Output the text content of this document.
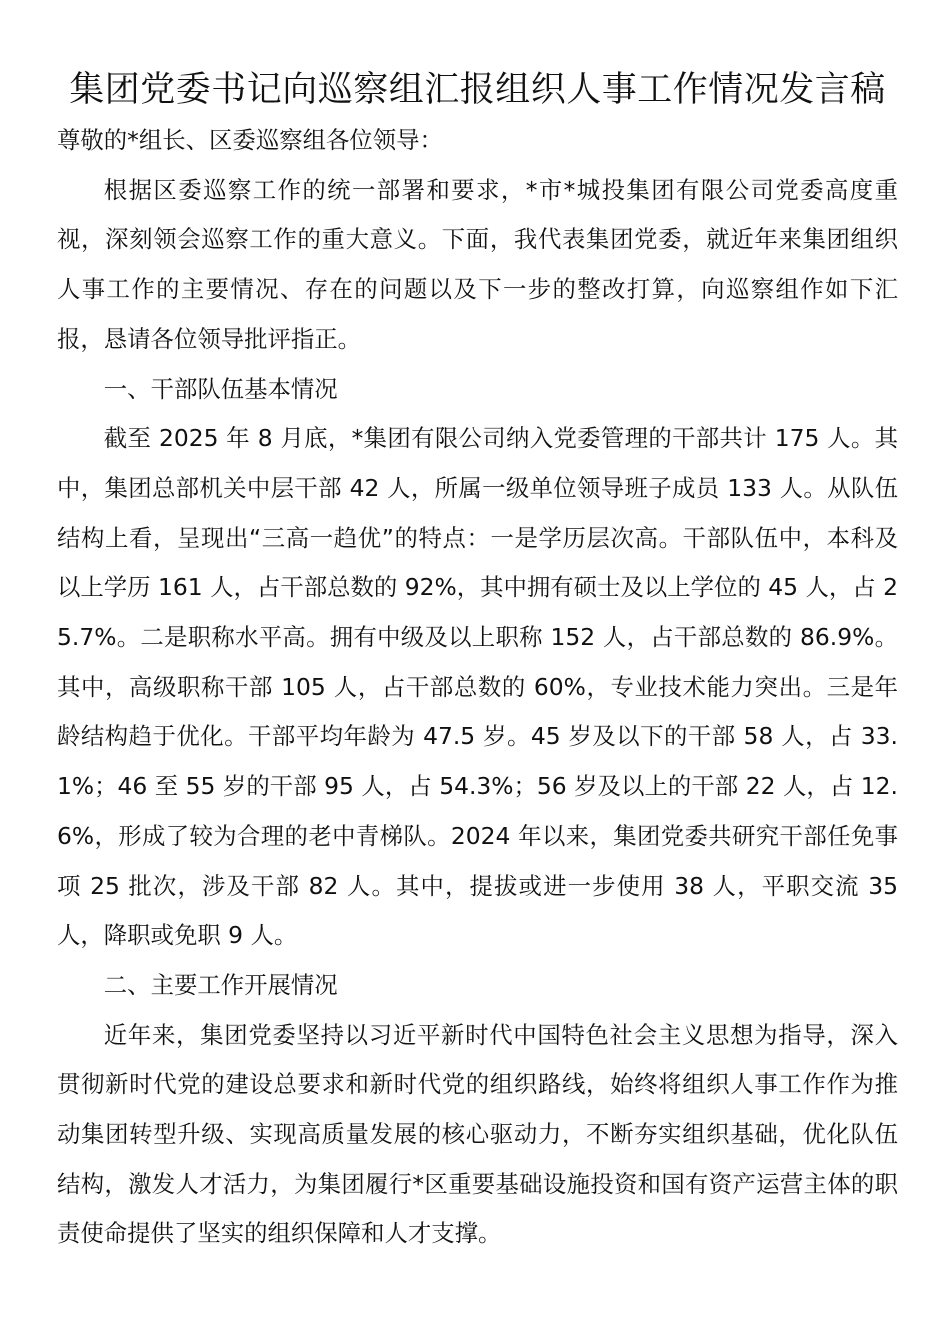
集团党委书记向巡察组汇报组织人事工作情况发言稿

尊敬的*组长、区委巡察组各位领导：

根据区委巡察工作的统一部署和要求，*市*城投集团有限公司党委高度重视，深刻领会巡察工作的重大意义。下面，我代表集团党委，就近年来集团组织人事工作的主要情况、存在的问题以及下一步的整改打算，向巡察组作如下汇报，恳请各位领导批评指正。

一、干部队伍基本情况

截至 2025 年 8 月底，*集团有限公司纳入党委管理的干部共计 175 人。其中，集团总部机关中层干部 42 人，所属一级单位领导班子成员 133 人。从队伍结构上看，呈现出“三高一趋优”的特点：一是学历层次高。干部队伍中，本科及以上学历 161 人，占干部总数的 92%，其中拥有硕士及以上学位的 45 人，占 25.7%。二是职称水平高。拥有中级及以上职称 152 人，占干部总数的 86.9%。其中，高级职称干部 105 人，占干部总数的 60%，专业技术能力突出。三是年龄结构趋于优化。干部平均年龄为 47.5 岁。45 岁及以下的干部 58 人，占 33.1%；46 至 55 岁的干部 95 人，占 54.3%；56 岁及以上的干部 22 人，占 12.6%，形成了较为合理的老中青梯队。2024 年以来，集团党委共研究干部任免事项 25 批次，涉及干部 82 人。其中，提拔或进一步使用 38 人，平职交流 35 人，降职或免职 9 人。

二、主要工作开展情况

近年来，集团党委坚持以习近平新时代中国特色社会主义思想为指导，深入贯彻新时代党的建设总要求和新时代党的组织路线，始终将组织人事工作作为推动集团转型升级、实现高质量发展的核心驱动力，不断夯实组织基础，优化队伍结构，激发人才活力，为集团履行*区重要基础设施投资和国有资产运营主体的职责使命提供了坚实的组织保障和人才支撑。
